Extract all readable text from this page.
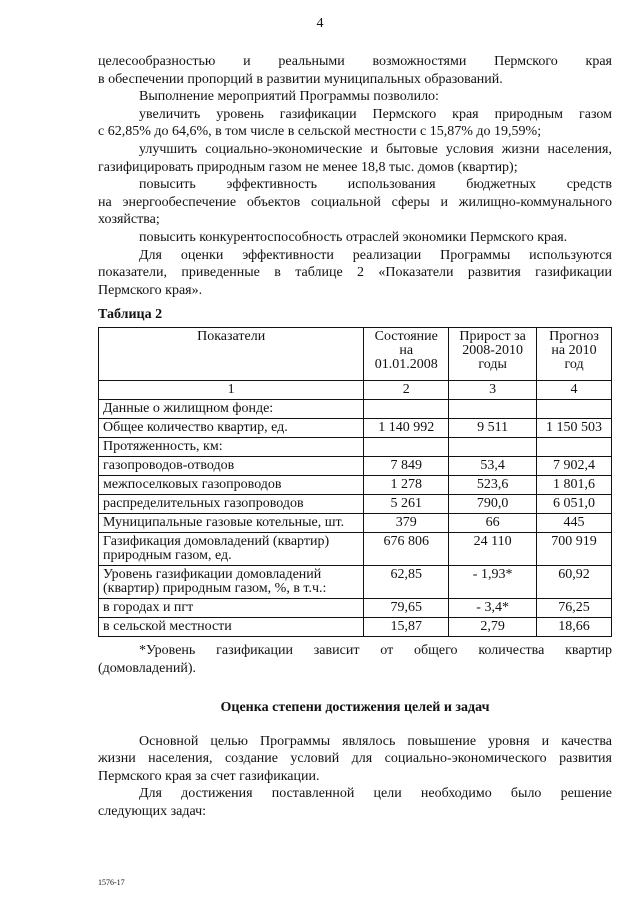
4

целесообразностью и реальными возможностями Пермского края

в обеспечении пропорций в развитии муниципальных образований.

Выполнение мероприятий Программы позволило:

увеличить уровень газификации Пермского края природным газом

с 62,85% до 64,6%, в том числе в сельской местности с 15,87% до 19,59%;

улучшить социально-экономические и бытовые условия жизни населения,

газифицировать природным газом не менее 18,8 тыс. домов (квартир);

повысить эффективность использования бюджетных средств

на энергообеспечение объектов социальной сферы и жилищно-коммунального

хозяйства;

повысить конкурентоспособность отраслей экономики Пермского края.

Для оценки эффективности реализации Программы используются

показатели, приведенные в таблице 2 «Показатели развития газификации

Пермского края».

Таблица 2

Показатели	Состояние на 01.01.2008	Прирост за 2008-2010 годы	Прогноз на 2010 год
1	2	3	4
Данные о жилищном фонде:			
Общее количество квартир, ед.	1 140 992	9 511	1 150 503
Протяженность, км:			
газопроводов-отводов	7 849	53,4	7 902,4
межпоселковых газопроводов	1 278	523,6	1 801,6
распределительных газопроводов	5 261	790,0	6 051,0
Муниципальные газовые котельные, шт.	379	66	445
Газификация домовладений (квартир) природным газом, ед.	676 806	24 110	700 919
Уровень газификации домовладений (квартир) природным газом, %, в т.ч.:	62,85	- 1,93*	60,92
в городах и пгт	79,65	- 3,4*	76,25
в сельской местности	15,87	2,79	18,66

*Уровень газификации зависит от общего количества квартир

(домовладений).

Оценка степени достижения целей и задач

Основной целью Программы являлось повышение уровня и качества

жизни населения, создание условий для социально-экономического развития

Пермского края за счет газификации.

Для достижения поставленной цели необходимо было решение

следующих задач:

1576-17
